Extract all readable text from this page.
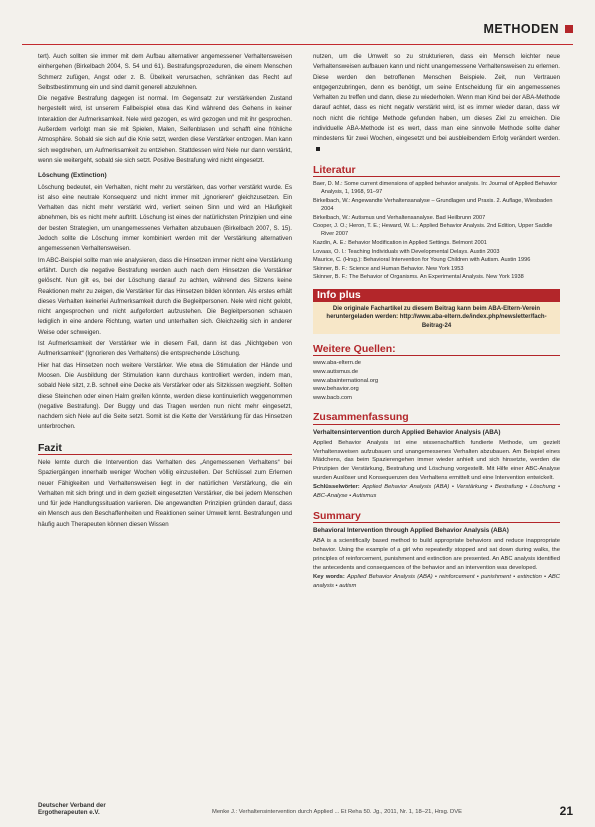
METHODEN

tert). Auch sollten sie immer mit dem Aufbau alternativer angemessener Verhaltensweisen einhergehen (Birkelbach 2004, S. 54 und 61). Bestrafungsprozeduren, die einem Menschen Schmerz zufügen, Angst oder z. B. Übelkeit verursachen, schränken das Recht auf Selbstbestimmung ein und sind damit generell abzulehnen.

Die negative Bestrafung dagegen ist normal. Im Gegensatz zur verstärkenden Zustand hergestellt wird, ist unserem Fallbeispiel etwa das Kind während des Gehens in keiner Interaktion der Aufmerksamkeit. Nele wird gezogen, es wird gezogen und mit ihr gesprochen. Außerdem verfolgt man sie mit Spielen, Malen, Seifenblasen und schafft eine fröhliche Atmosphäre. Sobald sie sich auf die Knie setzt, werden diese Verstärker entzogen. Man kann sich wegdrehen, um Aufmerksamkeit zu entziehen. Stattdessen wird Nele nur dann verstärkt, wenn sie weitergeht, sobald sie sich setzt. Positive Bestrafung wird nicht eingesetzt.

Löschung (Extinction)

Löschung bedeutet, ein Verhalten, nicht mehr zu verstärken, das vorher verstärkt wurde. Es ist also eine neutrale Konsequenz und nicht immer mit „ignorieren“ gleichzusetzen. Ein Verhalten das nicht mehr verstärkt wird, verliert seinen Sinn und wird an Häufigkeit abnehmen, bis es nicht mehr auftritt. Löschung ist eines der natürlichsten Prinzipien und eine der besten Strategien, um unangemessenes Verhalten abzubauen (Birkelbach 2007, S. 15). Jedoch sollte die Löschung immer kombiniert werden mit der Verstärkung alternativen angemessenen Verhaltensweisen.

Im ABC-Beispiel sollte man wie analysieren, dass die Hinsetzen immer nicht eine Verstärkung erfährt. Durch die negative Bestrafung werden auch nach dem Hinsetzen die Verstärker gelöscht. Nun gilt es, bei der Löschung darauf zu achten, während des Sitzens keine Reaktionen mehr zu zeigen, die Verstärker für das Hinsetzen bilden könnten. Als erstes erhält dieses Verhalten keinerlei Aufmerksamkeit durch die Begleitpersonen. Nele wird nicht gelobt, nicht angesprochen und nicht aufgefordert aufzustehen. Die Begleitpersonen schauen lediglich in eine andere Richtung, warten und unterhalten sich. Gleichzeitig sich in anderer Weise oder schweigen.

Ist Aufmerksamkeit der Verstärker wie in diesem Fall, dann ist das „Nichtgeben von Aufmerksamkeit“ (Ignorieren des Verhaltens) die entsprechende Löschung.

Hier hat das Hinsetzen noch weitere Verstärker. Wie etwa die Stimulation der Hände und Moosen. Die Ausbildung der Stimulation kann durchaus kontrolliert werden, indem man, sobald Nele sitzt, z.B. schnell eine Decke als Verstärker oder als Sitzkissen wegzieht. Sollten diese Steinchen oder einen Halm greifen könnte, werden diese kontinuierlich weggenommen (negative Bestrafung). Der Buggy und das Tragen werden nun nicht mehr eingesetzt, nachdem sich Nele auf die Seite setzt. Somit ist die Kette der Verstärkung für das Hinsetzen unterbrochen.

Fazit

Nele lernte durch die Intervention das Verhalten des „Angemessenen Verhaltens“ bei Spaziergängen innerhalb weniger Wochen völlig einzustellen. Der Schlüssel zum Erlernen neuer Fähigkeiten und Verhaltensweisen liegt in der natürlichen Verstärkung, die ein Verhalten mit sich bringt und in dem gezielt eingesetzten Verstärker, die bei jedem Menschen und für jede Handlungssituation variieren. Die angewandten Prinzipien gründen darauf, dass ein Mensch aus den Beschaffenheiten und Reaktionen seiner Umwelt lernt. Bestrafungen und häufig auch Therapeuten können diesen Wissen

nutzen, um die Umwelt so zu strukturieren, dass ein Mensch leichter neue Verhaltensweisen aufbauen kann und nicht unangemessene Verhaltensweisen zu erlernen. Diese werden den betroffenen Menschen Beispiele. Zeit, nun Vertrauen entgegenzubringen, denn es benötigt, um seine Entscheidung für ein angemessenes Verhalten zu treffen und dann, diese zu wiederholen. Wenn man Kind bei der ABA-Methode darauf achtet, dass es nicht negativ verstärkt wird, ist es immer wieder daran, dass wir noch nicht die richtige Methode gefunden haben, um dieses Ziel zu erreichen. Die individuelle ABA-Methode ist es wert, dass man eine sinnvolle Methode sollte daher mindestens für zwei Wochen, eingesetzt und bei ausbleibendem Erfolg verändert werden.

Literatur
Baer, D. M.: Some current dimensions of applied behavior analysis. In: Journal of Applied Behavior Analysis, 1, 1968, 91–97
Birkelbach, W.: Angewandte Verhaltensanalyse – Grundlagen und Praxis. 2. Auflage, Wiesbaden 2004
Birkelbach, W.: Autismus und Verhaltensanalyse. Bad Heilbrunn 2007
Cooper, J. O.; Heron, T. E.; Heward, W. L.: Applied Behavior Analysis. 2nd Edition, Upper Saddle River 2007
Kazdin, A. E.: Behavior Modification in Applied Settings. Belmont 2001
Lovaas, O. I.: Teaching Individuals with Developmental Delays. Austin 2003
Maurice, C. (Hrsg.): Behavioral Intervention for Young Children with Autism. Austin 1996
Skinner, B. F.: Science and Human Behavior. New York 1953
Skinner, B. F.: The Behavior of Organisms. An Experimental Analysis. New York 1938
Info plus
Die originale Fachartikel zu diesem Beitrag kann beim ABA-Eltern-Verein heruntergeladen werden: http://www.aba-eltern.de/index.php/newsletter/fach-Beitrag-24
Weitere Quellen:
www.aba-eltern.de
www.autismus.de
www.abainternational.org
www.behavior.org
www.bacb.com
Zusammenfassung
Verhaltensintervention durch Applied Behavior Analysis (ABA)

Applied Behavior Analysis ist eine wissenschaftlich fundierte Methode, um gezielt Verhaltensweisen aufzubauen und unangemessenes Verhalten abzubauen. Am Beispiel eines Mädchens, das beim Spazierengehen immer wieder anhielt und sich hinsetzte, werden die Prinzipien der Verstärkung, Bestrafung und Löschung vorgestellt. Mit Hilfe einer ABC-Analyse wurden Auslöser und Konsequenzen des Verhaltens ermittelt und eine Intervention entwickelt.

Schlüsselwörter: Applied Behavior Analysis (ABA) • Verstärkung • Bestrafung • Löschung • ABC-Analyse • Autismus

Summary
Behavioral Intervention through Applied Behavior Analysis (ABA)

ABA is a scientifically based method to build appropriate behaviors and reduce inappropriate behavior. Using the example of a girl who repeatedly stopped and sat down during walks, the principles of reinforcement, punishment and extinction are presented. An ABC analysis identified the antecedents and consequences of the behavior and an intervention was developed.

Key words: Applied Behavior Analysis (ABA) • reinforcement • punishment • extinction • ABC analysis • autism

Deutscher Verband der
Ergotherapeuten e.V.	Menke J.: Verhaltensintervention durch Applied ... Et Reha 50. Jg., 2011, Nr. 1, 18–21, Hrsg. DVE	21
